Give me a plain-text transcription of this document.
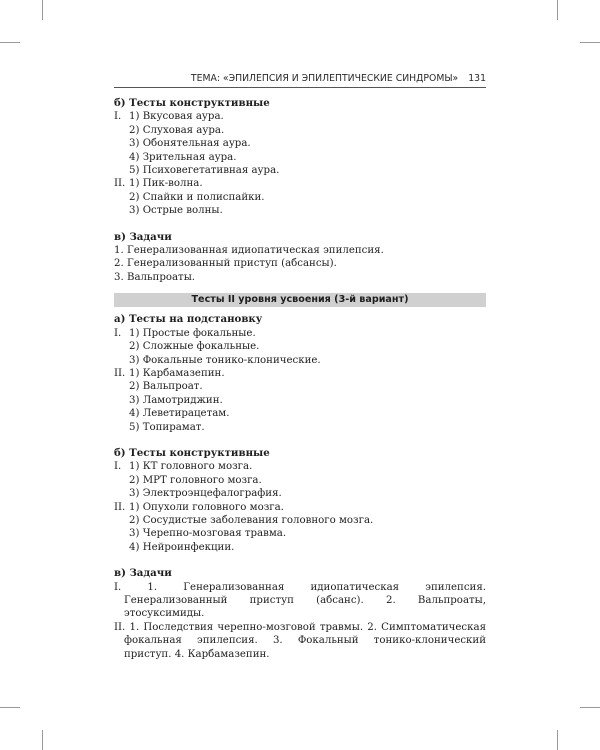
ТЕМА: «ЭПИЛЕПСИЯ И ЭПИЛЕПТИЧЕСКИЕ СИНДРОМЫ» 131

б) Тесты конструктивные

I. 1) Вкусовая аура.

2) Слуховая аура.

3) Обонятельная аура.

4) Зрительная аура.

5) Психовегетативная аура.

II. 1) Пик-волна.

2) Спайки и полиспайки.

3) Острые волны.

в) Задачи

1. Генерализованная идиопатическая эпилепсия.

2. Генерализованный приступ (абсансы).

3. Вальпроаты.

Тесты II уровня усвоения (3-й вариант)

а) Тесты на подстановку

I. 1) Простые фокальные.

2) Сложные фокальные.

3) Фокальные тонико-клонические.

II. 1) Карбамазепин.

2) Вальпроат.

3) Ламотриджин.

4) Леветирацетам.

5) Топирамат.

б) Тесты конструктивные

I. 1) КТ головного мозга.

2) МРТ головного мозга.

3) Электроэнцефалография.

II. 1) Опухоли головного мозга.

2) Сосудистые заболевания головного мозга.

3) Черепно-мозговая травма.

4) Нейроинфекции.

в) Задачи

I.	1. Генерализованная идиопатическая эпилепсия. Генерализованный приступ (абсанс). 2. Вальпроаты, этосуксимиды.

II. 1. Последствия черепно-мозговой травмы. 2. Симптоматическая фокальная эпилепсия. 3. Фокальный тонико-клонический приступ. 4. Карбамазепин.
